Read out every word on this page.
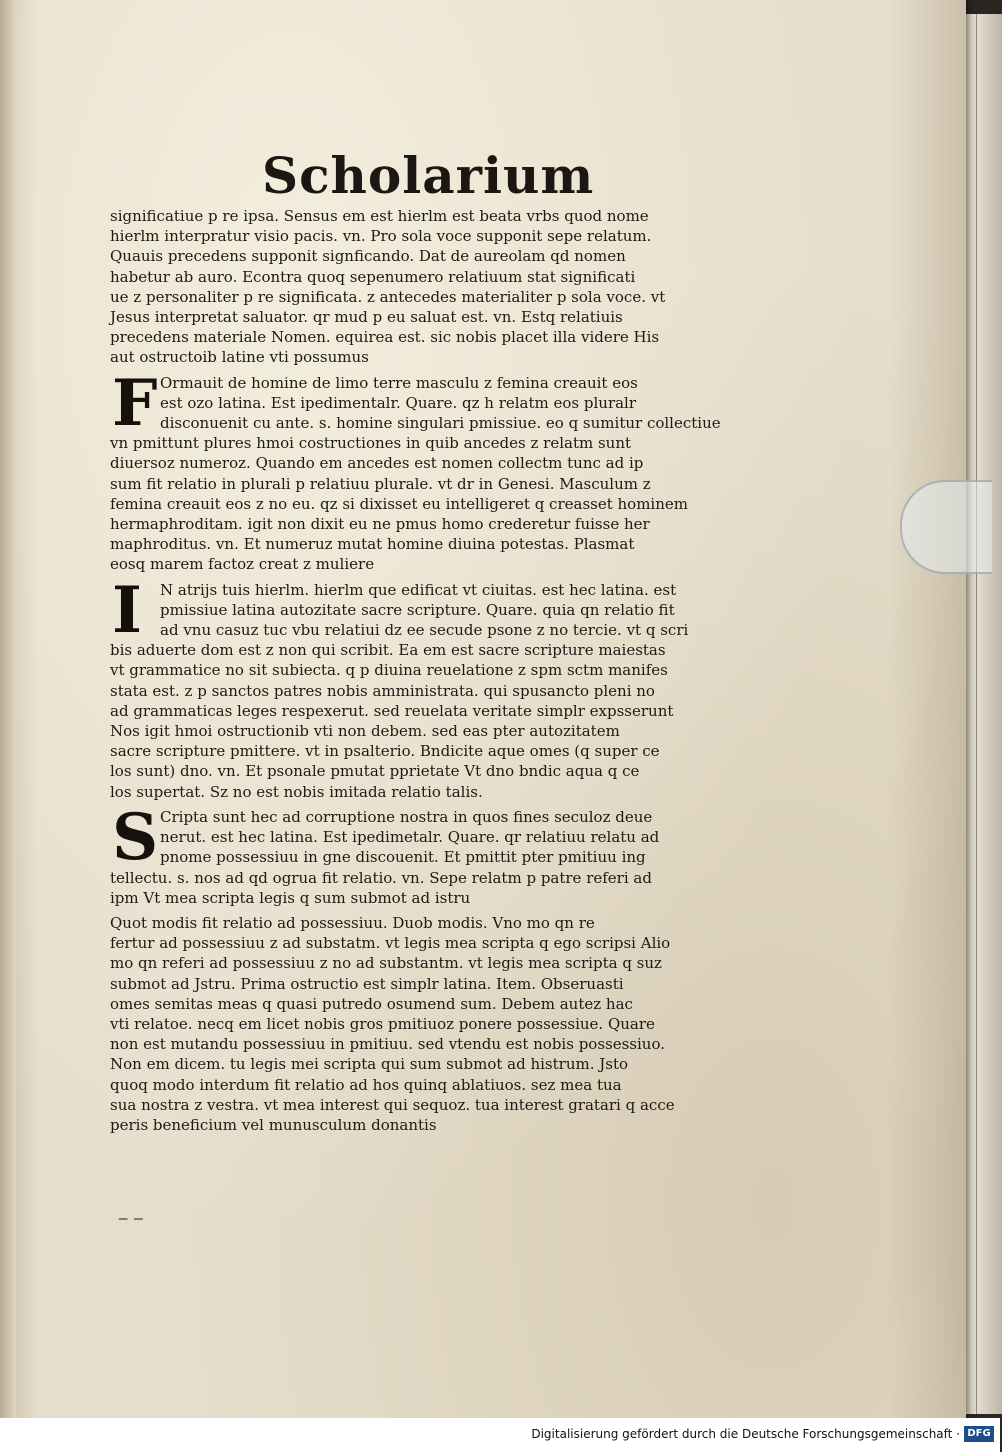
Scholarium
significatiue p re ipsa. Sensus em est hierlm est beata vrbs quod nome
hierlm interpratur visio pacis. vn. Pro sola voce supponit sepe relatum.
Quauis precedens supponit signficando. Dat de aureolam qd nomen
habetur ab auro. Econtra quoq sepenumero relatiuum stat significati
ue z personaliter p re significata. z antecedes materialiter p sola voce. vt
Jesus interpretat saluator. qr mud p eu saluat est. vn. Estq relatiuis
precedens materiale Nomen. equirea est. sic nobis placet illa videre His
aut ostructoib latine vti possumus
F Ormauit de homine de limo terre masculu z femina creauit eos
est ozo latina. Est ipedimentalr. Quare. qz h relatm eos pluralr
disconuenit cu ante. s. homine singulari pmissiue. eo q sumitur collectiue
vn pmittunt plures hmoi costructiones in quib ancedes z relatm sunt
diuersoz numeroz. Quando em ancedes est nomen collectm tunc ad ip
sum fit relatio in plurali p relatiuu plurale. vt dr in Genesi. Masculum z
femina creauit eos z no eu. qz si dixisset eu intelligeret q creasset hominem
hermaphroditam. igit non dixit eu ne pmus homo crederetur fuisse her
maphroditus. vn. Et numeruz mutat homine diuina potestas. Plasmat
eosq marem factoz creat z muliere
I	N atrijs tuis hierlm. hierlm que edificat vt ciuitas. est hec latina. est
pmissiue latina autozitate sacre scripture. Quare. quia qn relatio fit
ad vnu casuz tuc vbu relatiui dz ee secude psone z no tercie. vt q scri
bis aduerte dom est z non qui scribit. Ea em est sacre scripture maiestas
vt grammatice no sit subiecta. q p diuina reuelatione z spm sctm manifes
stata est. z p sanctos patres nobis amministrata. qui spusancto pleni no
ad grammaticas leges respexerut. sed reuelata veritate simplr expsserunt
Nos igit hmoi ostructionib vti non debem. sed eas pter autozitatem
sacre scripture pmittere. vt in psalterio. Bndicite aque omes (q super ce
los sunt) dno. vn. Et psonale pmutat pprietate Vt dno bndic aqua q ce
los supertat. Sz no est nobis imitada relatio talis.
S Cripta sunt hec ad corruptione nostra in quos fines seculoz deue
nerut. est hec latina. Est ipedimetalr. Quare. qr relatiuu relatu ad
pnome possessiuu in gne discouenit. Et pmittit pter pmitiuu ing
tellectu. s. nos ad qd ogrua fit relatio. vn. Sepe relatm p patre referi ad
ipm Vt mea scripta legis q sum submot ad istru
Quot modis fit relatio ad possessiuu. Duob modis. Vno mo qn re
fertur ad possessiuu z ad substatm. vt legis mea scripta q ego scripsi Alio
mo qn referi ad possessiuu z no ad substantm. vt legis mea scripta q suz
submot ad Jstru. Prima ostructio est simplr latina. Item. Obseruasti
omes semitas meas q quasi putredo osumend sum. Debem autez hac
vti relatoe. necq em licet nobis gros pmitiuoz ponere possessiue. Quare
non est mutandu possessiuu in pmitiuu. sed vtendu est nobis possessiuo.
Non em dicem. tu legis mei scripta qui sum submot ad histrum. Jsto
quoq modo interdum fit relatio ad hos quinq ablatiuos. sez mea tua
sua nostra z vestra. vt mea interest qui sequoz. tua interest gratari q acce
peris beneficium vel munusculum donantis
‒ ‒
Digitalisierung gefördert durch die Deutsche Forschungsgemeinschaft · DFG
